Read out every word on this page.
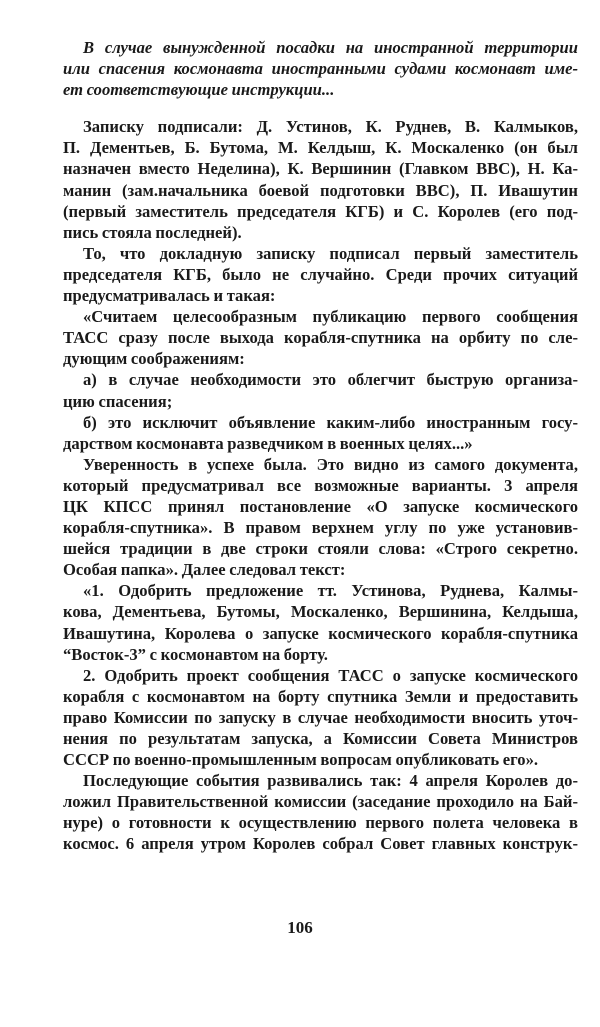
В случае вынужденной посадки на иностранной территории
или спасения космонавта иностранными судами космонавт име-
ет соответствующие инструкции...
Записку подписали: Д. Устинов, К. Руднев, В. Калмыков,
П. Дементьев, Б. Бутома, М. Келдыш, К. Москаленко (он был
назначен вместо Неделина), К. Вершинин (Главком ВВС), Н. Ка-
манин (зам.начальника боевой подготовки ВВС), П. Ивашутин
(первый заместитель председателя КГБ) и С. Королев (его под-
пись стояла последней).
То, что докладную записку подписал первый заместитель
председателя КГБ, было не случайно. Среди прочих ситуаций
предусматривалась и такая:
«Считаем целесообразным публикацию первого сообщения
ТАСС сразу после выхода корабля-спутника на орбиту по сле-
дующим соображениям:
а) в случае необходимости это облегчит быструю организа-
цию спасения;
б) это исключит объявление каким-либо иностранным госу-
дарством космонавта разведчиком в военных целях...»
Уверенность в успехе была. Это видно из самого документа,
который предусматривал все возможные варианты. 3 апреля
ЦК КПСС принял постановление «О запуске космического
корабля-спутника». В правом верхнем углу по уже установив-
шейся традиции в две строки стояли слова: «Строго секретно.
Особая папка». Далее следовал текст:
«1. Одобрить предложение тт. Устинова, Руднева, Калмы-
кова, Дементьева, Бутомы, Москаленко, Вершинина, Келдыша,
Ивашутина, Королева о запуске космического корабля-спутника
“Восток-3” с космонавтом на борту.
2. Одобрить проект сообщения ТАСС о запуске космического
корабля с космонавтом на борту спутника Земли и предоставить
право Комиссии по запуску в случае необходимости вносить уточ-
нения по результатам запуска, а Комиссии Совета Министров
СССР по военно-промышленным вопросам опубликовать его».
Последующие события развивались так: 4 апреля Королев до-
ложил Правительственной комиссии (заседание проходило на Бай-
нуре) о готовности к осуществлению первого полета человека в
космос. 6 апреля утром Королев собрал Совет главных конструк-
106
